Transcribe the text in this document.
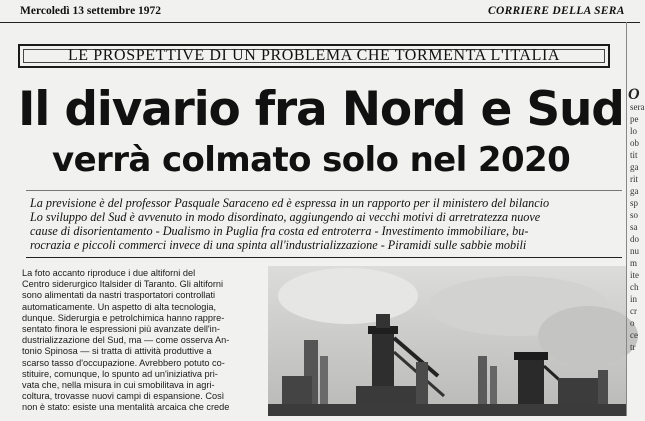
Mercoledì 13 settembre 1972	CORRIERE DELLA SERA
LE PROSPETTIVE DI UN PROBLEMA CHE TORMENTA L'ITALIA
Il divario fra Nord e Sud
verrà colmato solo nel 2020
La previsione è del professor Pasquale Saraceno ed è espressa in un rapporto per il ministero del bilancio
Lo sviluppo del Sud è avvenuto in modo disordinato, aggiungendo ai vecchi motivi di arretratezza nuove
cause di disorientamento - Dualismo in Puglia fra costa ed entroterra - Investimento immobiliare, bu-
rocrazia e piccoli commerci invece di una spinta all'industrializzazione - Piramidi sulle sabbie mobili
La foto accanto riproduce i due altiforni del
Centro siderurgico Italsider di Taranto. Gli altiforni
sono alimentati da nastri trasportatori controllati
automaticamente. Un aspetto di alta tecnologia,
dunque. Siderurgia e petrolchimica hanno rappre-
sentato finora le espressioni più avanzate dell'in-
dustrializzazione del Sud, ma — come osserva An-
tonio Spinosa — si tratta di attività produttive a
scarso tasso d'occupazione. Avrebbero potuto co-
stituire, comunque, lo spunto ad un'iniziativa pri-
vata che, nella misura in cui smobilitava in agri-
coltura, trovasse nuovi campi di espansione. Così
non è stato: esiste una mentalità arcaica che crede
O
sera
pe
lo
ob
tit
ga
rit
ga
sp
so
sa
do
nu
m
ite
ch
in
cr
o
ce
tr
